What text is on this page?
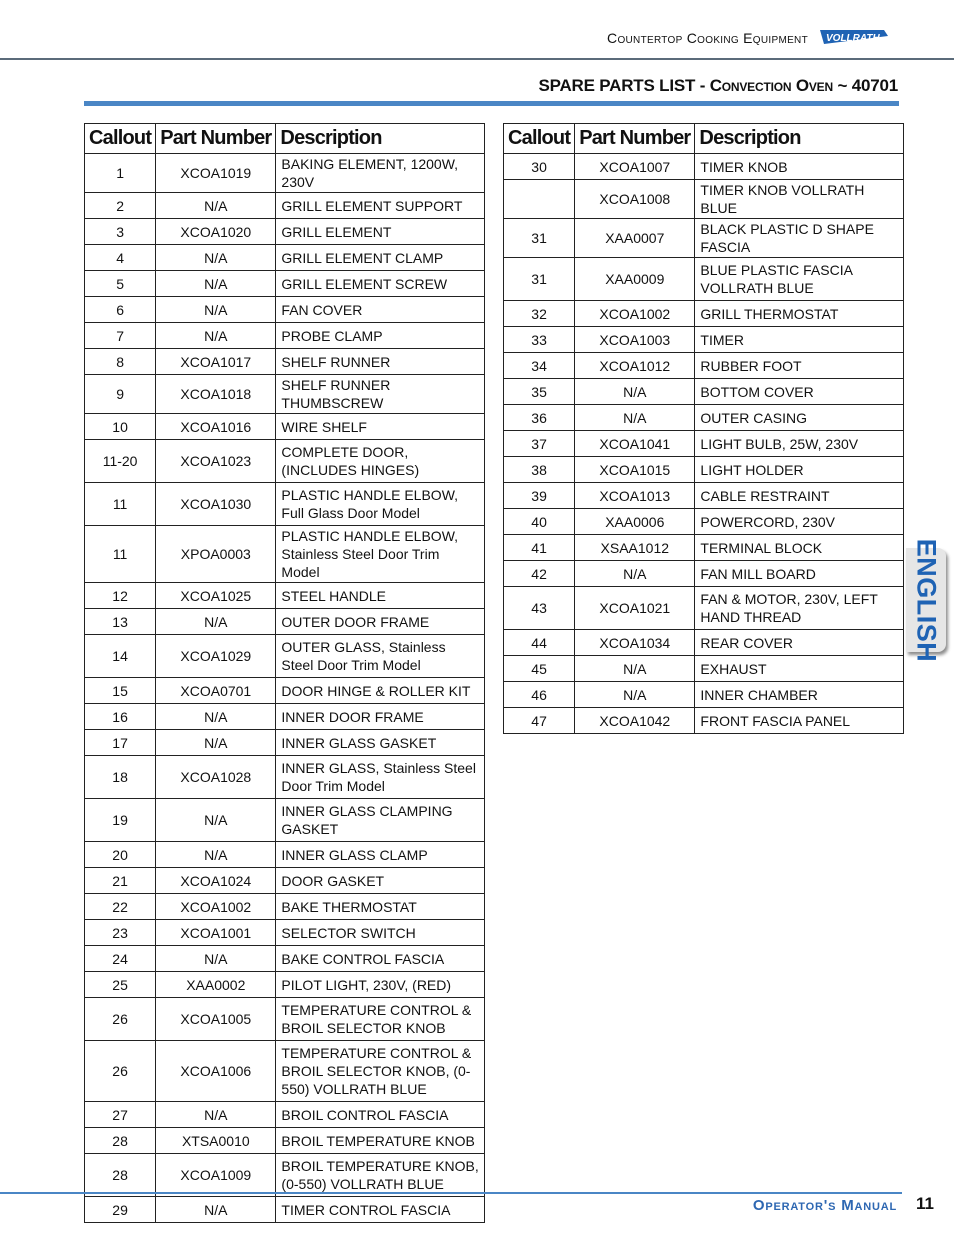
Countertop Cooking Equipment VOLLRATH
SPARE PARTS LIST - Convection Oven ~ 40701
Callout	Part Number	Description
1	XCOA1019	BAKING ELEMENT, 1200W, 230V
2	N/A	GRILL ELEMENT SUPPORT
3	XCOA1020	GRILL ELEMENT
4	N/A	GRILL ELEMENT CLAMP
5	N/A	GRILL ELEMENT SCREW
6	N/A	FAN COVER
7	N/A	PROBE CLAMP
8	XCOA1017	SHELF RUNNER
9	XCOA1018	SHELF RUNNER THUMBSCREW
10	XCOA1016	WIRE SHELF
11-20	XCOA1023	COMPLETE DOOR, (INCLUDES HINGES)
11	XCOA1030	PLASTIC HANDLE ELBOW, Full Glass Door Model
11	XPOA0003	PLASTIC HANDLE ELBOW, Stainless Steel Door Trim Model
12	XCOA1025	STEEL HANDLE
13	N/A	OUTER DOOR FRAME
14	XCOA1029	OUTER GLASS, Stainless Steel Door Trim Model
15	XCOA0701	DOOR HINGE & ROLLER KIT
16	N/A	INNER DOOR FRAME
17	N/A	INNER GLASS GASKET
18	XCOA1028	INNER GLASS, Stainless Steel Door Trim Model
19	N/A	INNER GLASS CLAMPING GASKET
20	N/A	INNER GLASS CLAMP
21	XCOA1024	DOOR GASKET
22	XCOA1002	BAKE THERMOSTAT
23	XCOA1001	SELECTOR SWITCH
24	N/A	BAKE CONTROL FASCIA
25	XAA0002	PILOT LIGHT, 230V, (RED)
26	XCOA1005	TEMPERATURE CONTROL & BROIL SELECTOR KNOB
26	XCOA1006	TEMPERATURE CONTROL & BROIL SELECTOR KNOB, (0-550) VOLLRATH BLUE
27	N/A	BROIL CONTROL FASCIA
28	XTSA0010	BROIL TEMPERATURE KNOB
28	XCOA1009	BROIL TEMPERATURE KNOB, (0-550) VOLLRATH BLUE
29	N/A	TIMER CONTROL FASCIA
Callout	Part Number	Description
30	XCOA1007	TIMER KNOB
	XCOA1008	TIMER KNOB VOLLRATH BLUE
31	XAA0007	BLACK PLASTIC D SHAPE FASCIA
31	XAA0009	BLUE PLASTIC FASCIA VOLLRATH BLUE
32	XCOA1002	GRILL THERMOSTAT
33	XCOA1003	TIMER
34	XCOA1012	RUBBER FOOT
35	N/A	BOTTOM COVER
36	N/A	OUTER CASING
37	XCOA1041	LIGHT BULB, 25W, 230V
38	XCOA1015	LIGHT HOLDER
39	XCOA1013	CABLE RESTRAINT
40	XAA0006	POWERCORD, 230V
41	XSAA1012	TERMINAL BLOCK
42	N/A	FAN MILL BOARD
43	XCOA1021	FAN & MOTOR, 230V, LEFT HAND THREAD
44	XCOA1034	REAR COVER
45	N/A	EXHAUST
46	N/A	INNER CHAMBER
47	XCOA1042	FRONT FASCIA PANEL
ENGLISH
Operator's Manual 11
